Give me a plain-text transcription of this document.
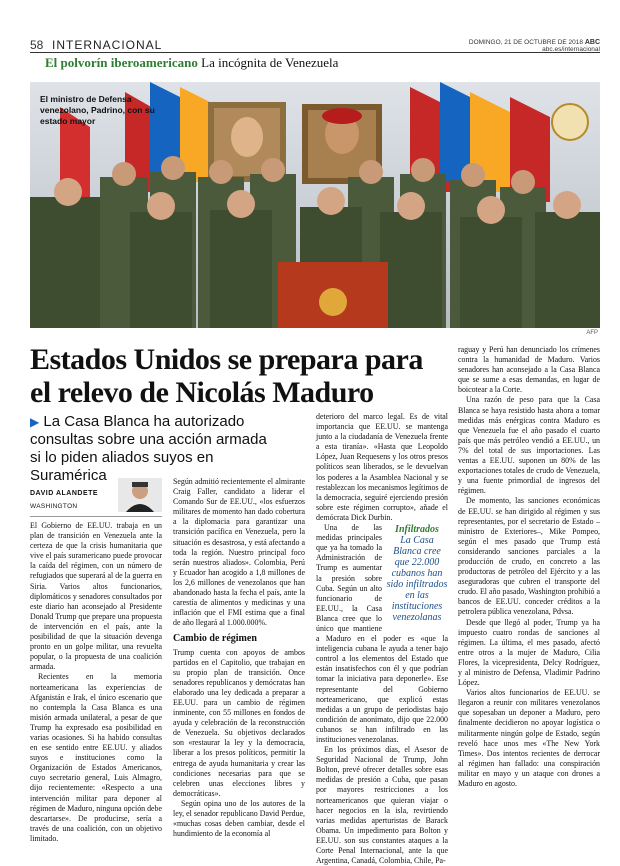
58 INTERNACIONAL	DOMINGO, 21 DE OCTUBRE DE 2018 ABC
abc.es/internacional
El polvorín iberoamericano La incógnita de Venezuela
El ministro de Defensa venezolano, Padrino, con su estado mayor
AFP
Estados Unidos se prepara para el relevo de Nicolás Maduro
▶ La Casa Blanca ha autorizado consultas sobre una acción armada si lo piden aliados suyos en Suramérica
DAVID ALANDETE
WASHINGTON

El Gobierno de EE.UU. trabaja en un plan de transición en Venezuela ante la certeza de que la crisis humanitaria que vive el país suramericano puede provocar la caída del régimen, con un número de refugiados que superará al de la guerra en Siria. Varios altos funcionarios, diplomáticos y senadores consultados por este diario han aconsejado al Presidente Donald Trump que prepare una propuesta de intervención en el país, ante la posibilidad de que la situación devenga pronto en un golpe militar, una revuelta popular, o la propuesta de una coalición armada.

Recientes en la memoria norteamericana las experiencias de Afganistán e Irak, el único escenario que no contempla la Casa Blanca es una misión armada unilateral, a pesar de que Trump ha expresado esa posibilidad en varias ocasiones. Si ha habido consultas en ese sentido entre EE.UU. y aliados suyos e instituciones como la Organización de Estados Americanos, cuyo secretario general, Luis Almagro, dijo recientemente: «Respecto a una intervención militar para deponer al régimen de Maduro, ninguna opción debe descartarse». De producirse, sería a través de una coalición, con un objetivo limitado.

Según admitió recientemente el almirante Craig Faller, candidato a liderar el Comando Sur de EE.UU., «los esfuerzos militares de momento han dado cobertura a la diplomacia para garantizar una transición pacífica en Venezuela, pero la situación es desastrosa, y está afectando a toda la región. Nuestro principal foco serán nuestros aliados». Colombia, Perú y Ecuador han acogido a 1,8 millones de los 2,6 millones de venezolanos que han abandonado hasta la fecha el país, ante la carestía de alimentos y medicinas y una inflación que el FMI estima que a final de año llegará al 1.000.000%.

Cambio de régimen

Trump cuenta con apoyos de ambos partidos en el Capitolio, que trabajan en su propio plan de transición. Once senadores republicanos y demócratas han elaborado una ley dedicada a preparar a EE.UU. para un cambio de régimen inminente, con 55 millones en fondos de ayuda y celebración de la reconstrucción de Venezuela. Su objetivos declarados son «restaurar la ley y la democracia, liberar a los presos políticos, permitir la entrega de ayuda humanitaria y crear las condiciones necesarias para que se celebren unas elecciones libres y democráticas».

Según opina uno de los autores de la ley, el senador republicano David Perdue, «muchas cosas deben cambiar, desde el hundimiento de la economía al

deterioro del marco legal. Es de vital importancia que EE.UU. se mantenga junto a la ciudadanía de Venezuela frente a esta tiranía». «Hasta que Leopoldo López, Juan Requesens y los otros presos políticos sean liberados, se le devuelvan los poderes a la Asamblea Nacional y se restablezcan los mecanismos legítimos de la democracia, seguiré ejerciendo presión sobre este régimen corrupto», añade el demócrata Dick Durbin.

Infiltrados
La Casa Blanca cree que 22.000 cubanos han sido infiltrados en las instituciones venezolanas

Una de las medidas principales que ya ha tomado la Administración de Trump es aumentar la presión sobre Cuba. Según un alto funcionario de EE.UU., la Casa Blanca cree que lo único que mantiene a Maduro en el poder es «que la inteligencia cubana le ayuda a tener bajo control a los elementos del Estado que están insatisfechos con él y que podrían tomar la iniciativa para deponerle». Ese representante del Gobierno norteamericano, que explicó estas medidas a un grupo de periodistas bajo condición de anonimato, dijo que 22.000 cubanos se han infiltrado en las instituciones venezolanas.

En los próximos días, el Asesor de Seguridad Nacional de Trump, John Bolton, prevé ofrecer detalles sobre esas medidas de presión a Cuba, que pasan por mayores restricciones a los norteamericanos que quieran viajar o hacer negocios en la isla, revirtiendo varias medidas aperturistas de Barack Obama. Un impedimento para Bolton y EE.UU. son sus constantes ataques a la Corte Penal Internacional, ante la que Argentina, Canadá, Colombia, Chile, Pa-

raguay y Perú han denunciado los crímenes contra la humanidad de Maduro. Varios senadores han aconsejado a la Casa Blanca que se sume a esas demandas, en lugar de boicotear a la Corte.

Una razón de peso para que la Casa Blanca se haya resistido hasta ahora a tomar medidas más enérgicas contra Maduro es que Venezuela fue el año pasado el cuarto país que más petróleo vendió a EE.UU., un 7% del total de sus importaciones. Las ventas a EE.UU. suponen un 80% de las exportaciones totales de crudo de Venezuela, y una fuente primordial de ingresos del régimen.

De momento, las sanciones económicas de EE.UU. se han dirigido al régimen y sus representantes, por el secretario de Estado –ministro de Exteriores–, Mike Pompeo, según el mes pasado que Trump está considerando sanciones parciales a la producción de crudo, en concreto a las productoras de petróleo del Ejército y a las aseguradoras que cubren el transporte del crudo. El año pasado, Washington prohibió a bancos de EE.UU. conceder créditos a la petrolera pública venezolana, Pdvsa.

Desde que llegó al poder, Trump ya ha impuesto cuatro rondas de sanciones al régimen. La última, el mes pasado, afectó entre otros a la mujer de Maduro, Cilia Flores, la vicepresidenta, Delcy Rodríguez, y al ministro de Defensa, Vladimir Padrino López.

Varios altos funcionarios de EE.UU. se llegaron a reunir con militares venezolanos que sopesaban un deponer a Maduro, pero finalmente decidieron no apoyar logística o militarmente ningún golpe de Estado, según reveló hace unos mes «The New York Times». Dos intentos recientes de derrocar al régimen han fallado: una conspiración militar en mayo y un ataque con drones a Maduro en agosto.
